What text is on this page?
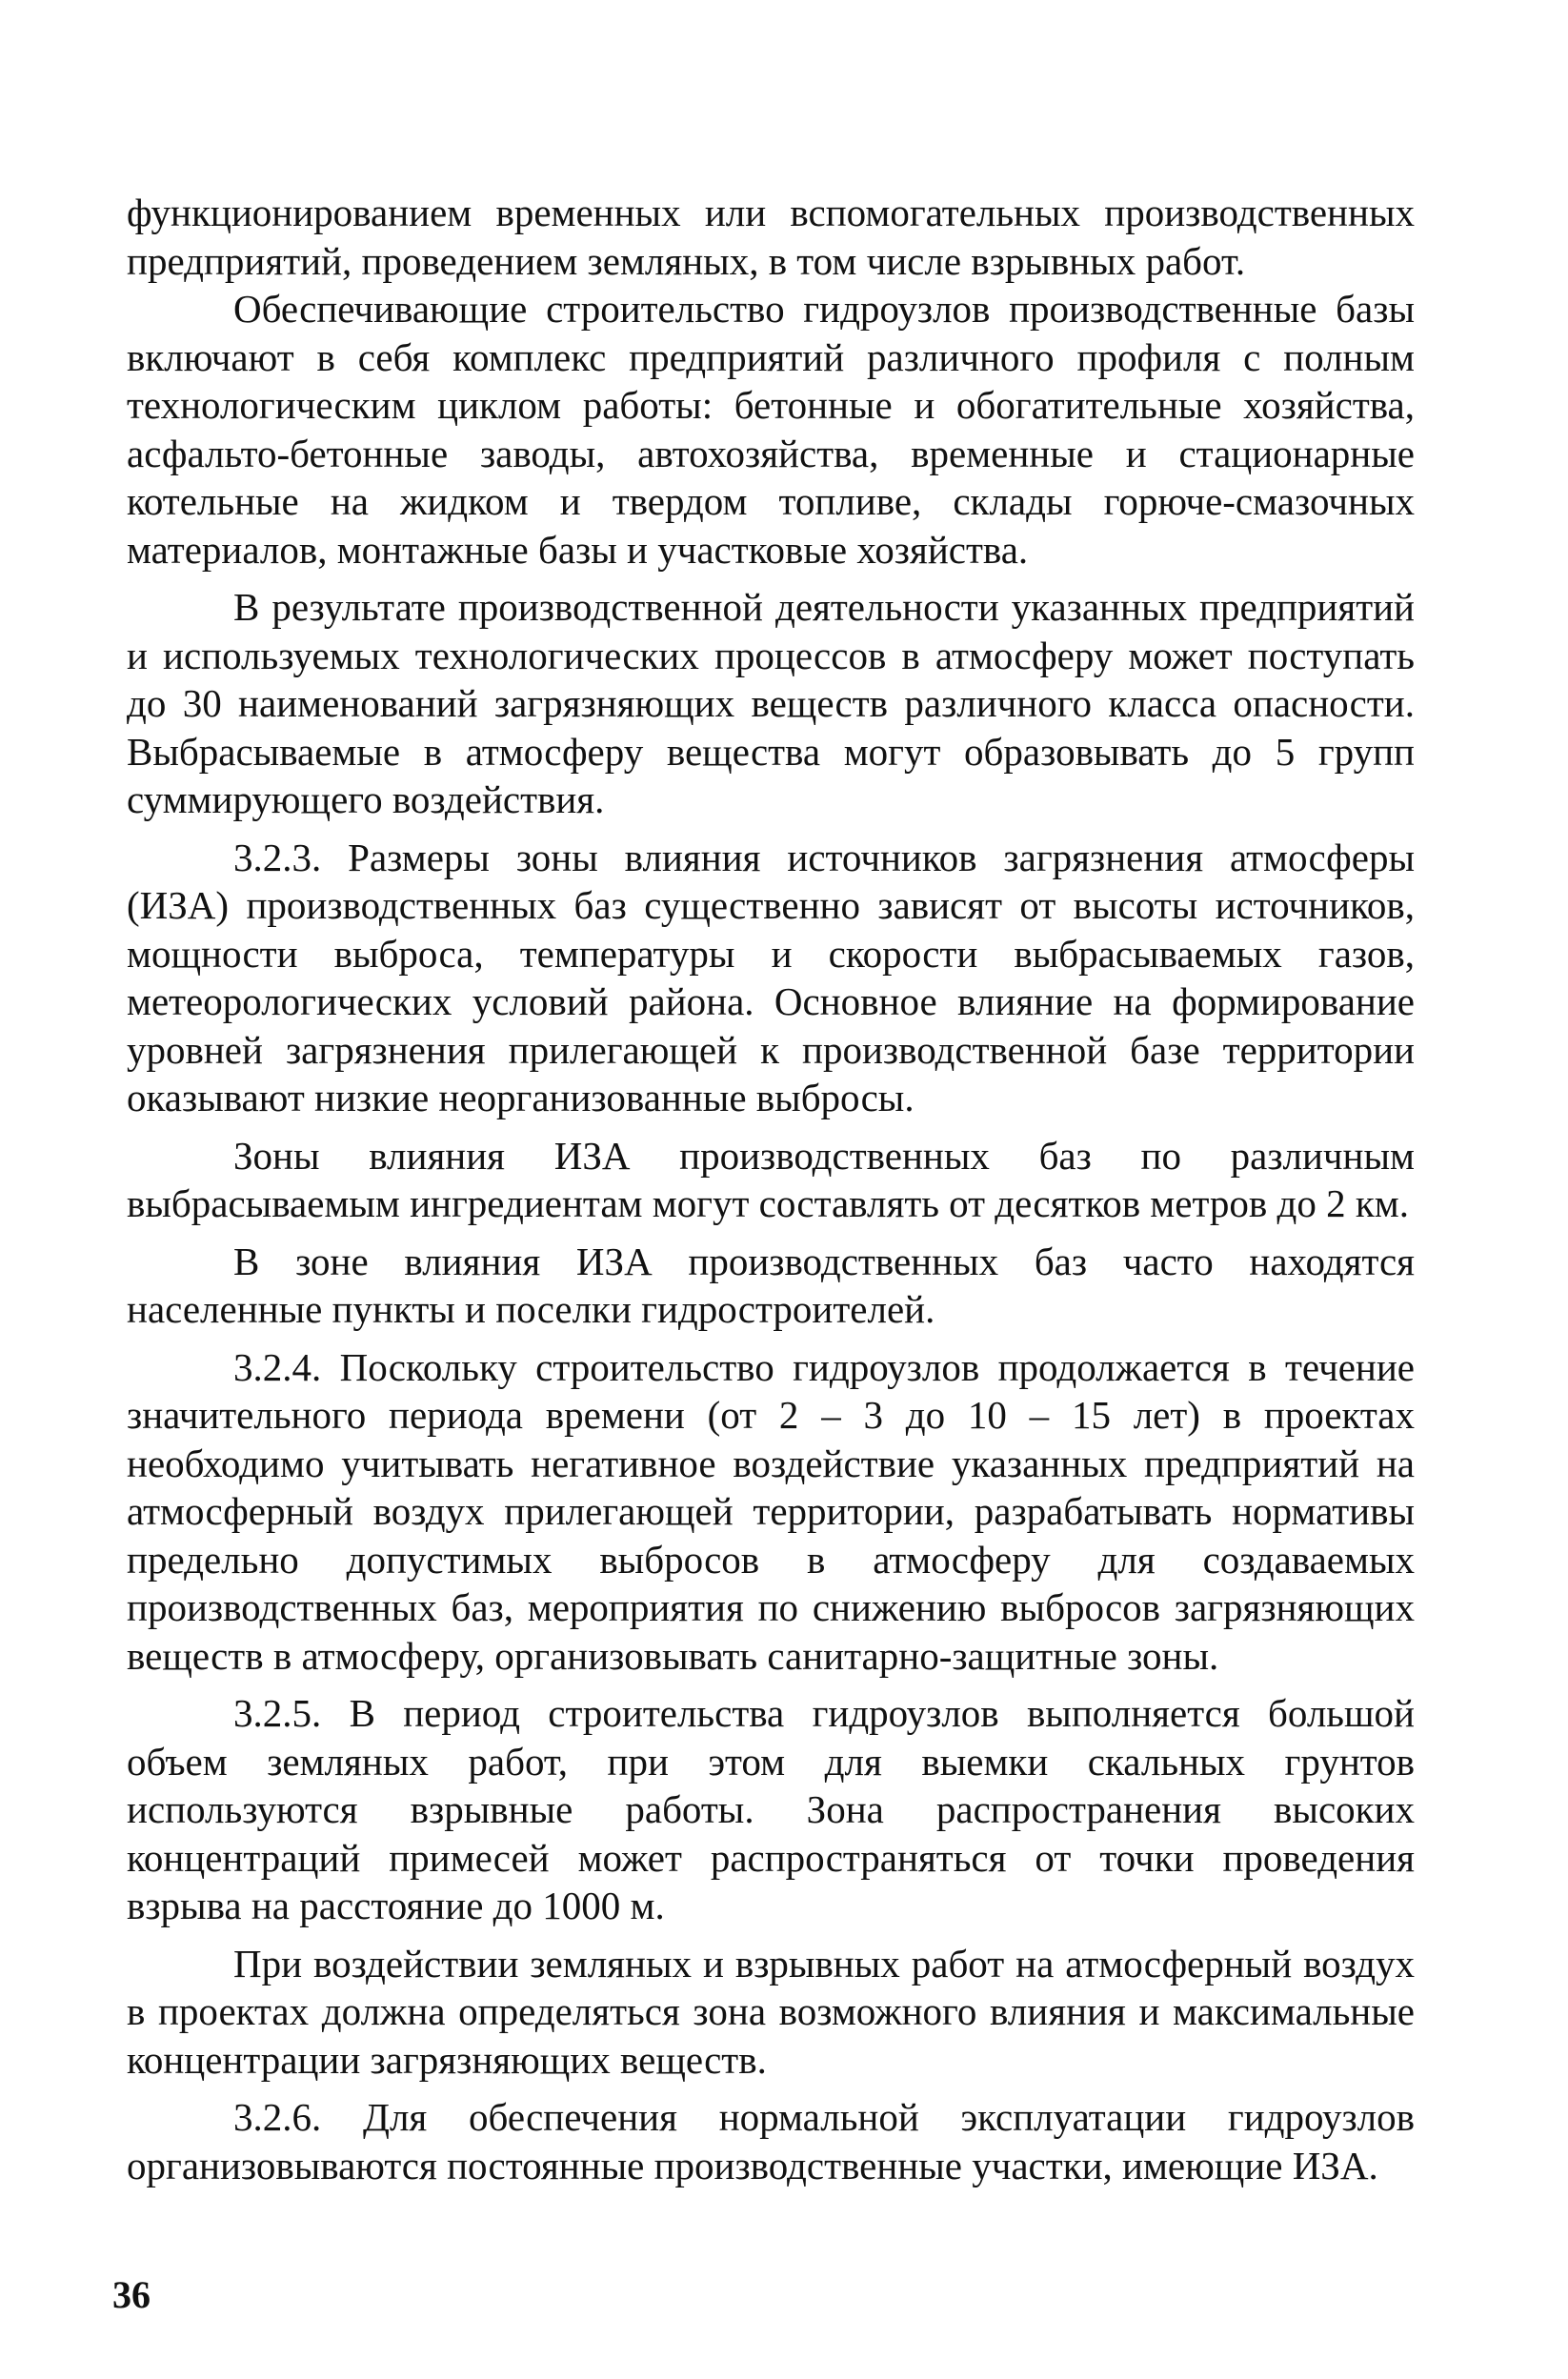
функционированием временных или вспомогательных производственных предприятий, проведением земляных, в том числе взрывных работ.

Обеспечивающие строительство гидроузлов производственные базы включают в себя комплекс предприятий различного профиля с полным технологическим циклом работы: бетонные и обогатительные хозяйства, асфальто-бетонные заводы, автохозяйства, временные и стационарные котельные на жидком и твердом топливе, склады горюче-смазочных материалов, монтажные базы и участковые хозяйства.

В результате производственной деятельности указанных предприятий и используемых технологических процессов в атмосферу может поступать до 30 наименований загрязняющих веществ различного класса опасности. Выбрасываемые в атмосферу вещества могут образовывать до 5 групп суммирующего воздействия.

3.2.3. Размеры зоны влияния источников загрязнения атмосферы (ИЗА) производственных баз существенно зависят от высоты источников, мощности выброса, температуры и скорости выбрасываемых газов, метеорологических условий района. Основное влияние на формирование уровней загрязнения прилегающей к производственной базе территории оказывают низкие неорганизованные выбросы.

Зоны влияния ИЗА производственных баз по различным выбрасываемым ингредиентам могут составлять от десятков метров до 2 км.

В зоне влияния ИЗА производственных баз часто находятся населенные пункты и поселки гидростроителей.

3.2.4. Поскольку строительство гидроузлов продолжается в течение значительного периода времени (от 2 – 3 до 10 – 15 лет) в проектах необходимо учитывать негативное воздействие указанных предприятий на атмосферный воздух прилегающей территории, разрабатывать нормативы предельно допустимых выбросов в атмосферу для создаваемых производственных баз, мероприятия по снижению выбросов загрязняющих веществ в атмосферу, организовывать санитарно-защитные зоны.

3.2.5. В период строительства гидроузлов выполняется большой объем земляных работ, при этом для выемки скальных грунтов используются взрывные работы. Зона распространения высоких концентраций примесей может распространяться от точки проведения взрыва на расстояние до 1000 м.

При воздействии земляных и взрывных работ на атмосферный воздух в проектах должна определяться зона возможного влияния и максимальные концентрации загрязняющих веществ.

3.2.6. Для обеспечения нормальной эксплуатации гидроузлов организовываются постоянные производственные участки, имеющие ИЗА.

36
